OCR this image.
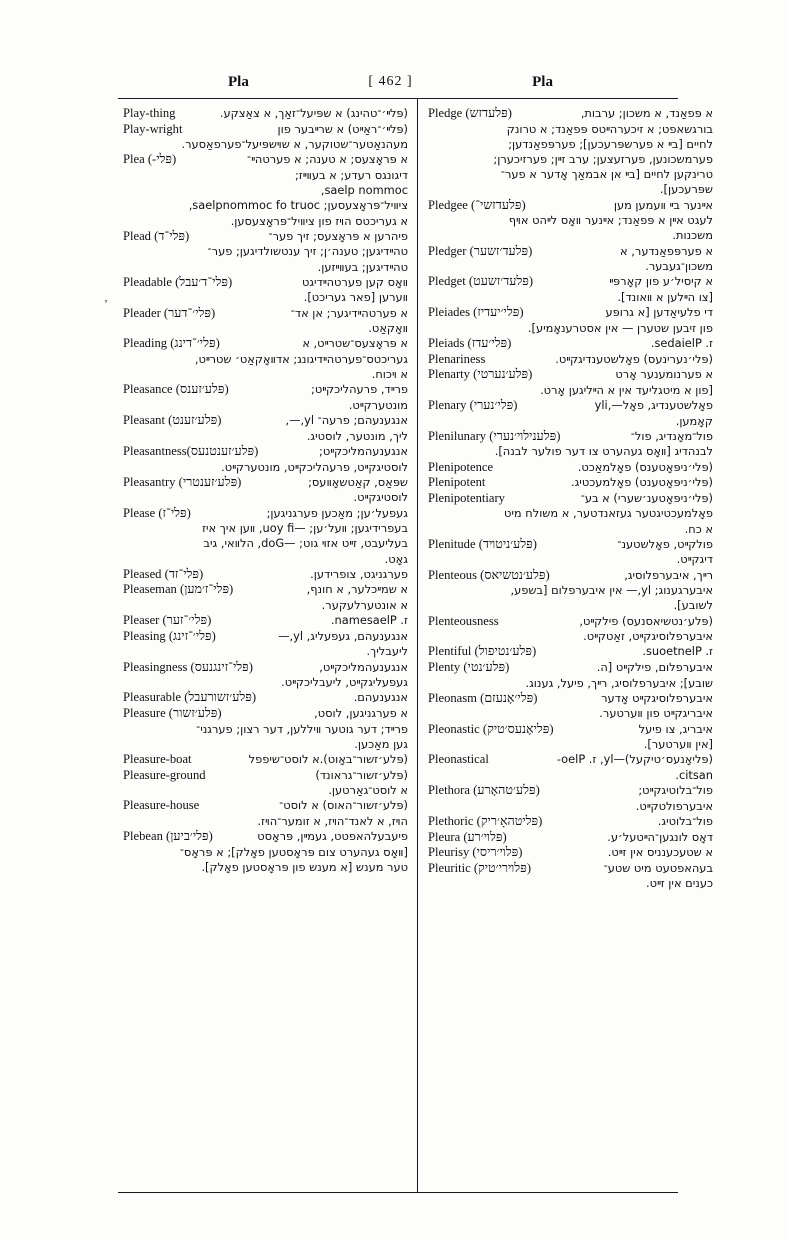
Pla	[ 462 ]	Pla
‚
Play-thing	(פּלײ׳־טהינג) א שפּיעל־זאַך, א צאַצקע.
Play-wright	(פּלײ׳־ראַײט) א שרײבער פון
מעהנאַטער־שטוקער, א שױשפּיעל־פערפאַסער.
Plea (-פּלי)	א פּראָצעס; א טענה; א פערטהײ־
דיגונגס רעדע; א בעװײז;
common pleas,
ציװיל־פּראָצעסען; court of commonpleas,
א געריכטס הױז פון ציװיל־פּראָצעסען.
Plead (פּלי־ד)	פיהרען א פּראָצעס; זיך פער־
טהײדיגען; טענה׳ן; זיך ענטשולדיגען; פער־
טהײדיגען; בעװײזען.
Pleadable (פּלי־ד׳עבל)	װאָס קען פערטהײדיגט
װערען [פאר געריכט].
Pleader (פּלי׳־דער)	א פערטהײדיגער; אן אד־
װאָקאַט.
Pleading (פּלי׳־דינג)	א פּראָצעס־שטרײט, א
געריכטס־פערטהײדיגונג; אדװאָקאַט׳ שטרײט,
א ױכוח.
Pleasance (פּלע׳זענס)	פרײד, פרעהליכקײט;
מונטערקײט.
Pleasant (פּלע׳זענט)	אנגענעהם; פרעה־ ly,—,
ליך, מונטער, לוסטיג.
Pleasantness(פּלע׳זענטנעס)	אנגענעהמליכקײט;
לוסטיגקײט, פרעהליכקײט, מונטערקײט.
Pleasantry (פּלע׳זענטרי)	שפּאַס, קאַטשאָװעס;
לוסטיגקײט.
Please (פּלי־ז)	געפעל׳ען; מאַכען פערגניגען;
בעפרידיגען; װעל׳ען; —if you, װען איך איז
בעליעבט, זײט אזױ גוט; —God, הלװאי, גיב
גאָט.
Pleased (פּלי־זד)	פערגניגט, צופרידען.
Pleaseman (פּלי־ז׳מען)	א שמײכלער, א חונף,
א אונטערלעקער.
Pleaser (פּלי׳־זער)	ז. Pleaseman.
Pleasing (פּלי׳־זינג)	אנגענעהם, געפעליג, ly,—
ליעבליך.
Pleasingness (פּלי־זינגנעס)	אנגענעהמליכקײט,
געפעליגקײט, ליעבליכקײט.
Pleasurable (פּלע׳זשורעבל)	אנגענעהם.
Pleasure (פּלע׳זשור)	א פערגניגען, לוסט,
פרײד; דער גוטער װיללען, דער רצון; פערגני־
גען מאַכען.
Pleasure-boat	(פּלע׳זשור־באָוט).א לוסט־שיפפל
Pleasure-ground	(פּלע׳זשור־גראונד)
א לוסט־גאַרטען.
Pleasure-house	(פּלע׳זשור־האוס) א לוסט־
הױז, א לאנד־הױז, א זומער־הױז.
Plebean (פּלי׳ביען)	פיעבעלהאפטט, געמײן, פּראָסט
[װאָס געהערט צום פּראָסטען פאָלק]; א פּראָס־
טער מענש [א מענש פון פּראָסטען פאָלק].
Pledge (פּלעדזש)	א פּפאַנד, א משכון; ערבות,
בורגשאפט; א זיכערהײטס פּפאַנד; א טרונק
לחיים [בײ א פערשפּרעכען]; פערפּפאַנדען;
פערמשכונען, פערזעצען; ערב זײן; פערזיכערן;
טרינקען לחיים [בײ אן אבמאַך אָדער א פער־
שפּרעכען].
Pledgee (פּלעדזשי־)	אײנער בײ װעמען מען
לעגט אײן א פּפאַנד; אײנער װאָס לײהט אױף
משכנות.
Pledger (פּלעד׳זשער)	א פערפּפאַנדער, א
משכון־געבער.
Pledget (פּלעד׳זשעט)	א קיסיל׳ע פון קאָרפּײ
[צו הײלען א װאונד].
Pleiades (פּלי׳יעדיז)	די פלעיאַדען [א גרופּע
פון זיבען שטערן — אין אסטרענאָמיע].
Pleiads (פּלי׳עדז)	ז. Pleiades.
Plenariness	(פּלי׳נערינעס) פאָלשטענדיגקײט.
Plenarty (פּלע׳נערטי)	א פערנומענער אָרט
[פון א מיטגליעד אין א הײליגען אָרט.
Plenary (פּלי׳נערי)	פאָלשטענדיג, פאָל—,ily
קאָמען.
Plenilunary (פּלענילױ׳נערי)	פול־מאָנדיג, פול־
לבנהדיג [װאָס געהערט צו דער פולער לבנה].
Plenipotence	(פּלי׳ניפּאָטענס) פאָלמאַכט.
Plenipotent	(פּלי׳ניפּאָטענט) פאָלמעכטיג.
Plenipotentiary	(פּלי׳ניפּאָטענ׳שערי) א בע־
פאָלמעכטיגטער געזאנדטער, א משולח מיט
א כח.
Plenitude (פּלע׳ניטױד)	פולקײט, פאָלשטענ־
דיגקײט.
Plenteous (פּלע׳נטשיאס)	רײך, איבערפלוסיג,
איבערגענוג; ly,— אין איבערפלום [בשפע,
לשובע].
Plenteousness	(פּלע׳נטשיאסנעס) פילקײט,
איבערפלוסיגקײט, זאַטקײט.
Plentiful (פּלע׳נטיפול)	ז. Plenteous.
Plenty (פּלע׳נטי)	איבערפלום, פילקײט [ה.
שובע]; איבערפלוסיג, רײך, פיעל, גענוג.
Pleonasm (פּלי׳אָנעזם)	איבערפלוסיגקײט אָדער
איבריגקײט פון װערטער.
Pleonastic (פּליאָנעס׳טיק)	איבריג, צו פיעל
[אין װערטער].
Pleonastical	(פּליאָנעס׳טיקעל)—ly, ז. Pleo-
nastic.
Plethora (פּלע׳טהאָרע)	פול־בלוטיגקײט;
איבערפולטקײט.
Plethoric (פּליטהאָ׳ריק)	פול־בלוטיג.
Pleura (פּלױ׳רע)	דאָס לונגען־הײטעל׳ע.
Pleurisy (פּלױ׳ריסי)	א שטעכענניס אין זײט.
Pleuritic (פּלױרי׳טיק)	בעהאפטעט מיט שטע־
כענים אין זײט.
